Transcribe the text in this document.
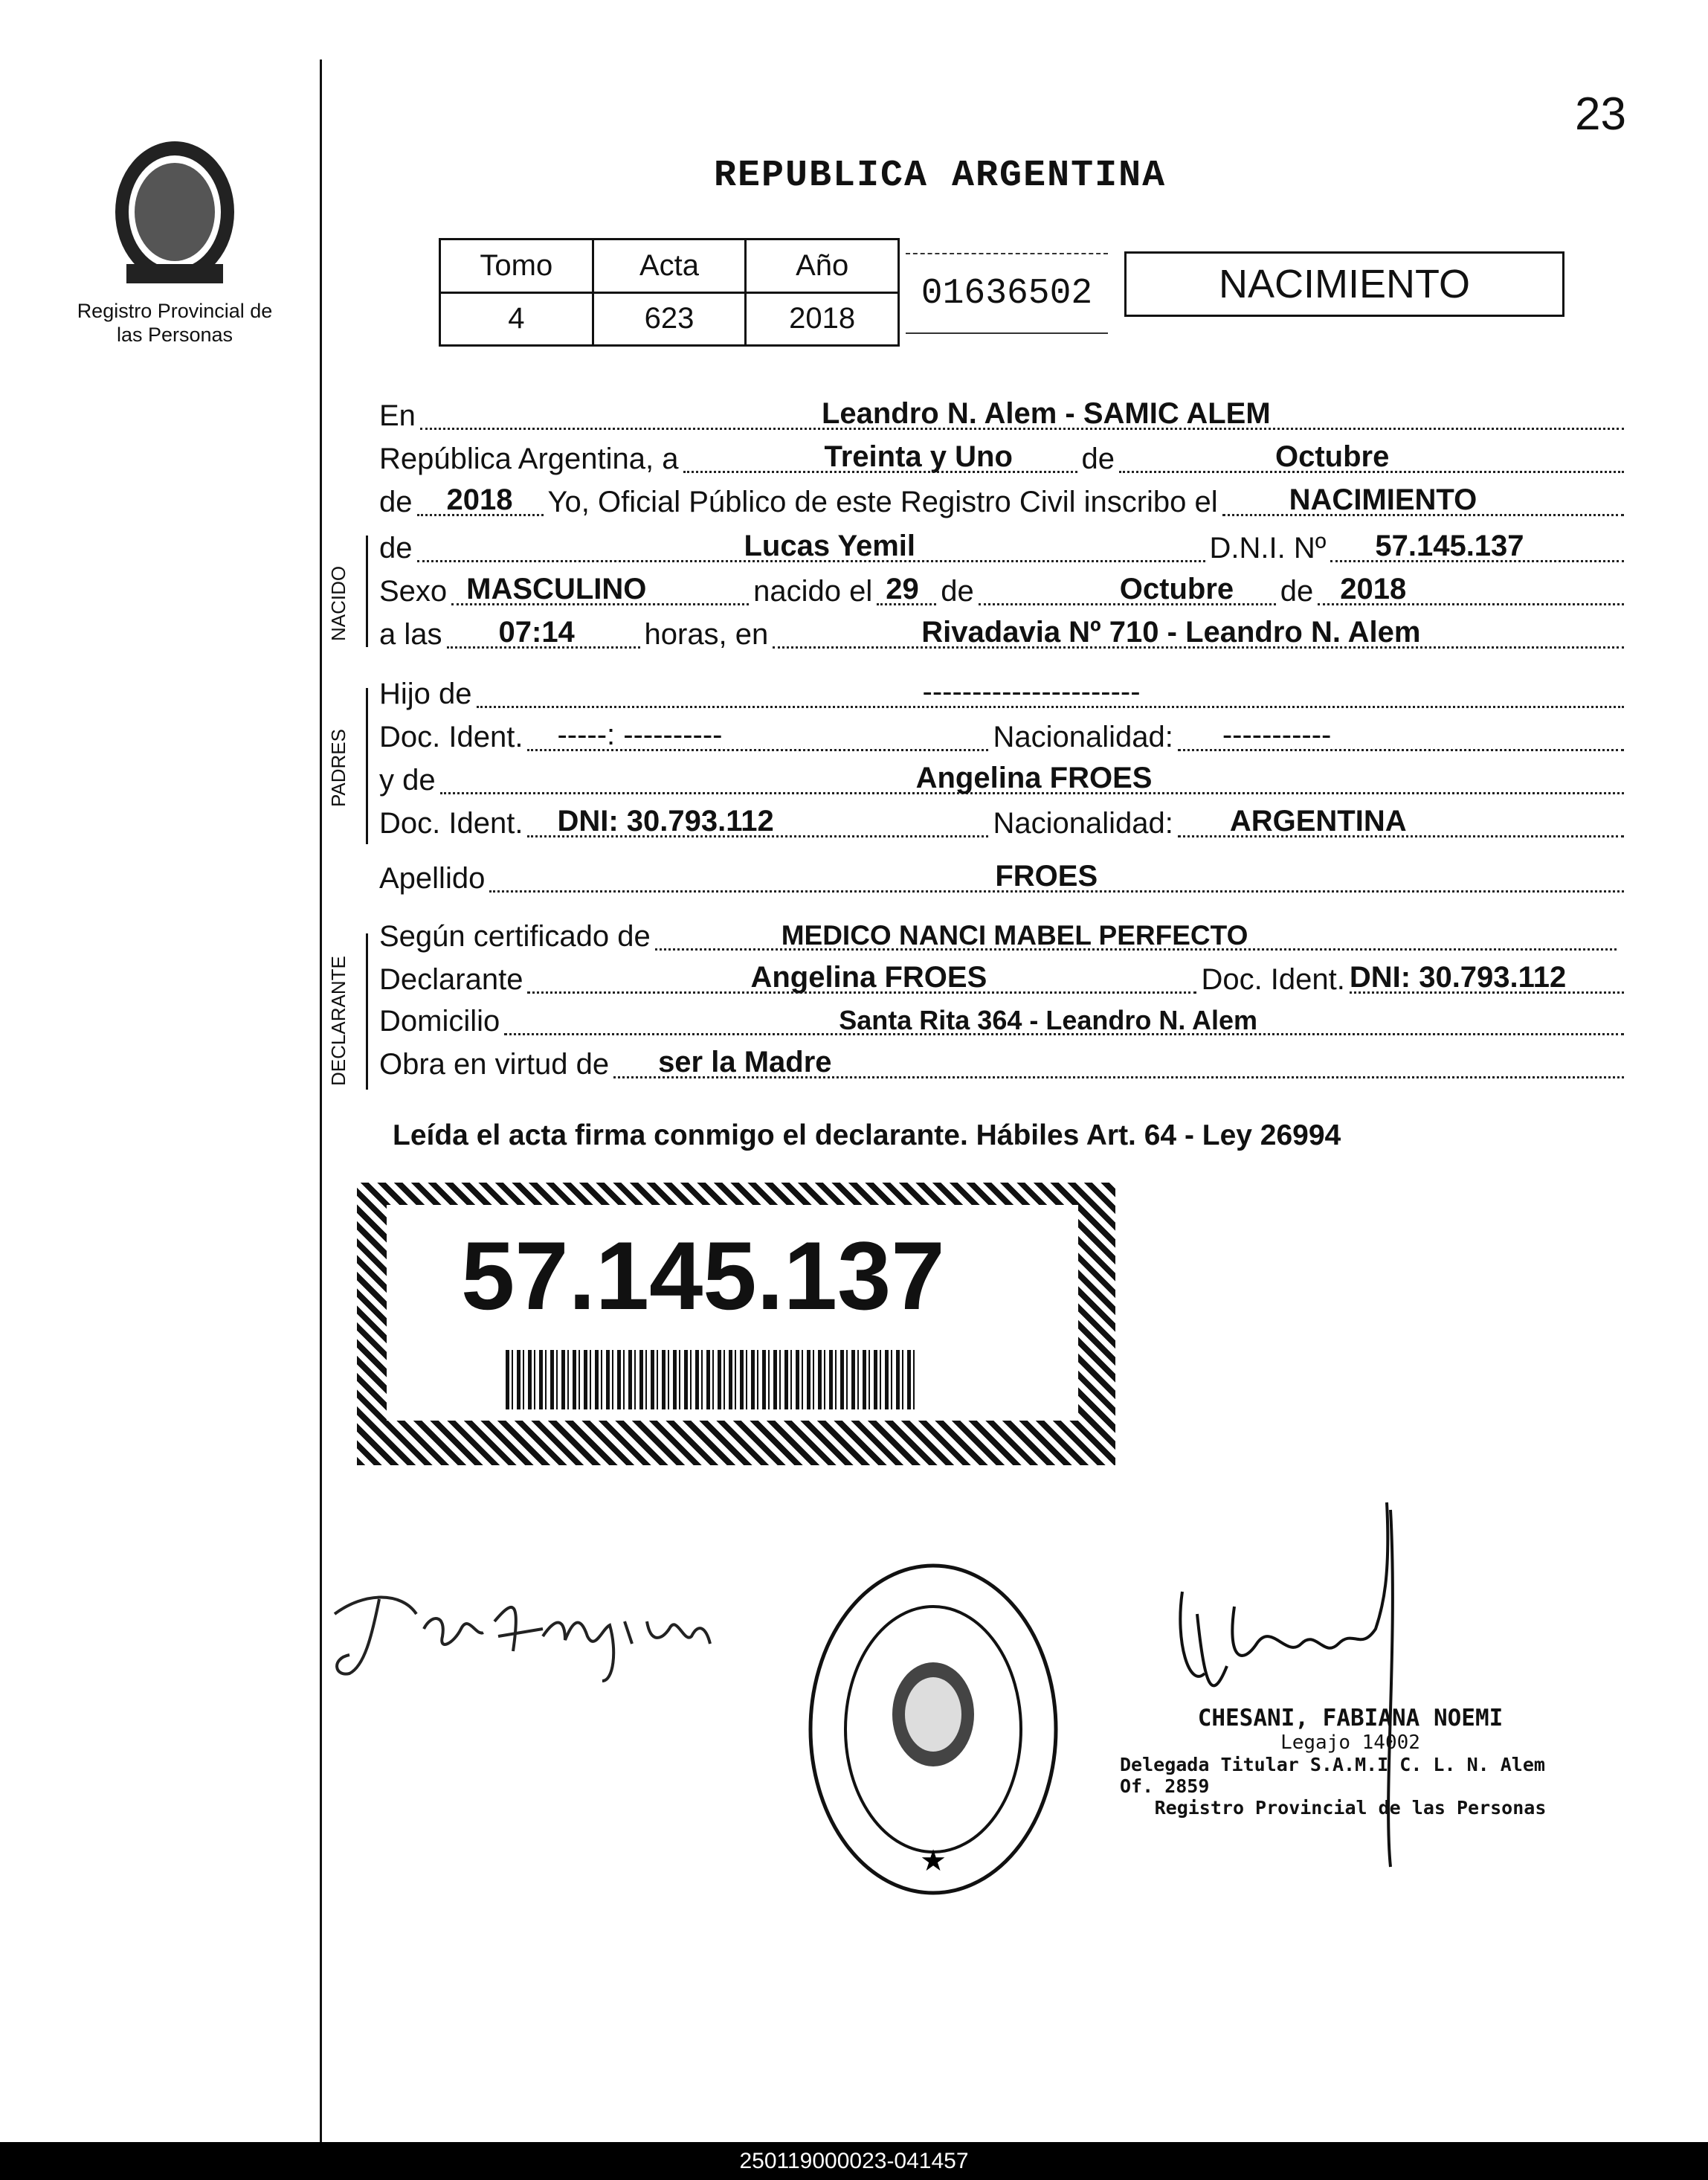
23
Registro Provincial de las Personas
REPUBLICA ARGENTINA
Tomo	Acta	Año
4	623	2018
01636502	NACIMIENTO
En	Leandro N. Alem - SAMIC ALEM
República Argentina, a	Treinta y Uno de	Octubre
de 2018 Yo, Oficial Público de este Registro Civil inscribo el NACIMIENTO
de	Lucas Yemil	D.N.I. Nº 57.145.137
Sexo MASCULINO	nacido el 29 de	Octubre de 2018
a las 07:14 horas, en	Rivadavia Nº 710 - Leandro N. Alem
Hijo de	----------------------
Doc. Ident. -----: ----------	Nacionalidad: -----------
y de	Angelina FROES
Doc. Ident. DNI: 30.793.112	Nacionalidad: ARGENTINA
Apellido	FROES
Según certificado de	MEDICO NANCI MABEL PERFECTO
Declarante	Angelina FROES	Doc. Ident. DNI: 30.793.112
Domicilio	Santa Rita 364 - Leandro N. Alem
Obra en virtud de ser la Madre
NACIDO
PADRES
DECLARANTE
Leída el acta firma conmigo el declarante. Hábiles Art. 64 - Ley 26994
57.145.137
★
CHESANI, FABIANA NOEMI
Legajo 14002
Delegada Titular S.A.M.I C. L. N. Alem Of. 2859
Registro Provincial de las Personas
250119000023-041457
